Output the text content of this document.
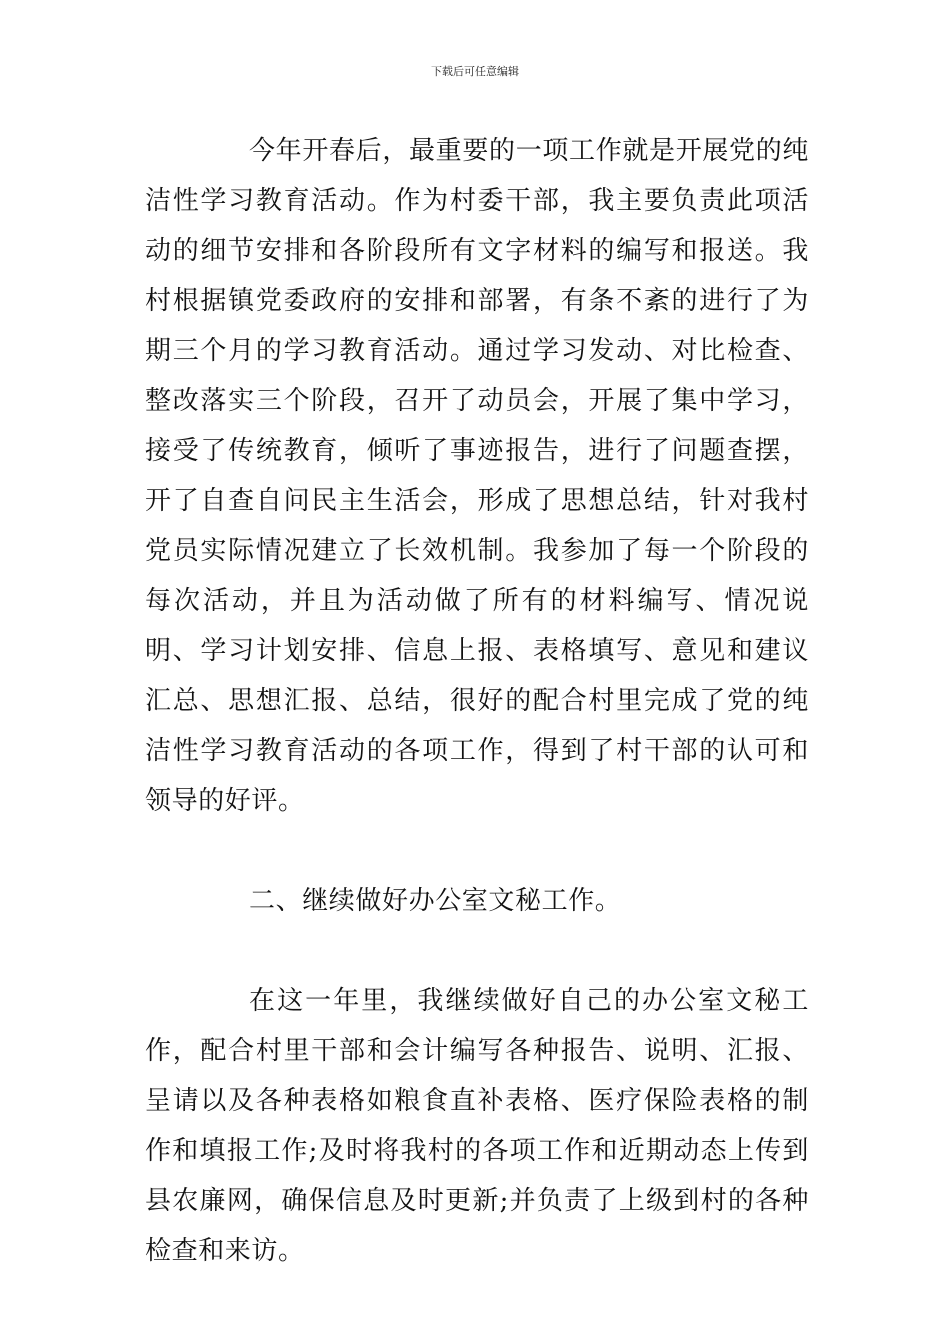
下载后可任意编辑

今年开春后，最重要的一项工作就是开展党的纯洁性学习教育活动。作为村委干部，我主要负责此项活动的细节安排和各阶段所有文字材料的编写和报送。我村根据镇党委政府的安排和部署，有条不紊的进行了为期三个月的学习教育活动。通过学习发动、对比检查、整改落实三个阶段，召开了动员会，开展了集中学习，接受了传统教育，倾听了事迹报告，进行了问题查摆，开了自查自问民主生活会，形成了思想总结，针对我村党员实际情况建立了长效机制。我参加了每一个阶段的每次活动，并且为活动做了所有的材料编写、情况说明、学习计划安排、信息上报、表格填写、意见和建议汇总、思想汇报、总结，很好的配合村里完成了党的纯洁性学习教育活动的各项工作，得到了村干部的认可和领导的好评。

二、继续做好办公室文秘工作。

在这一年里，我继续做好自己的办公室文秘工作，配合村里干部和会计编写各种报告、说明、汇报、呈请以及各种表格如粮食直补表格、医疗保险表格的制作和填报工作;及时将我村的各项工作和近期动态上传到县农廉网，确保信息及时更新;并负责了上级到村的各种检查和来访。
